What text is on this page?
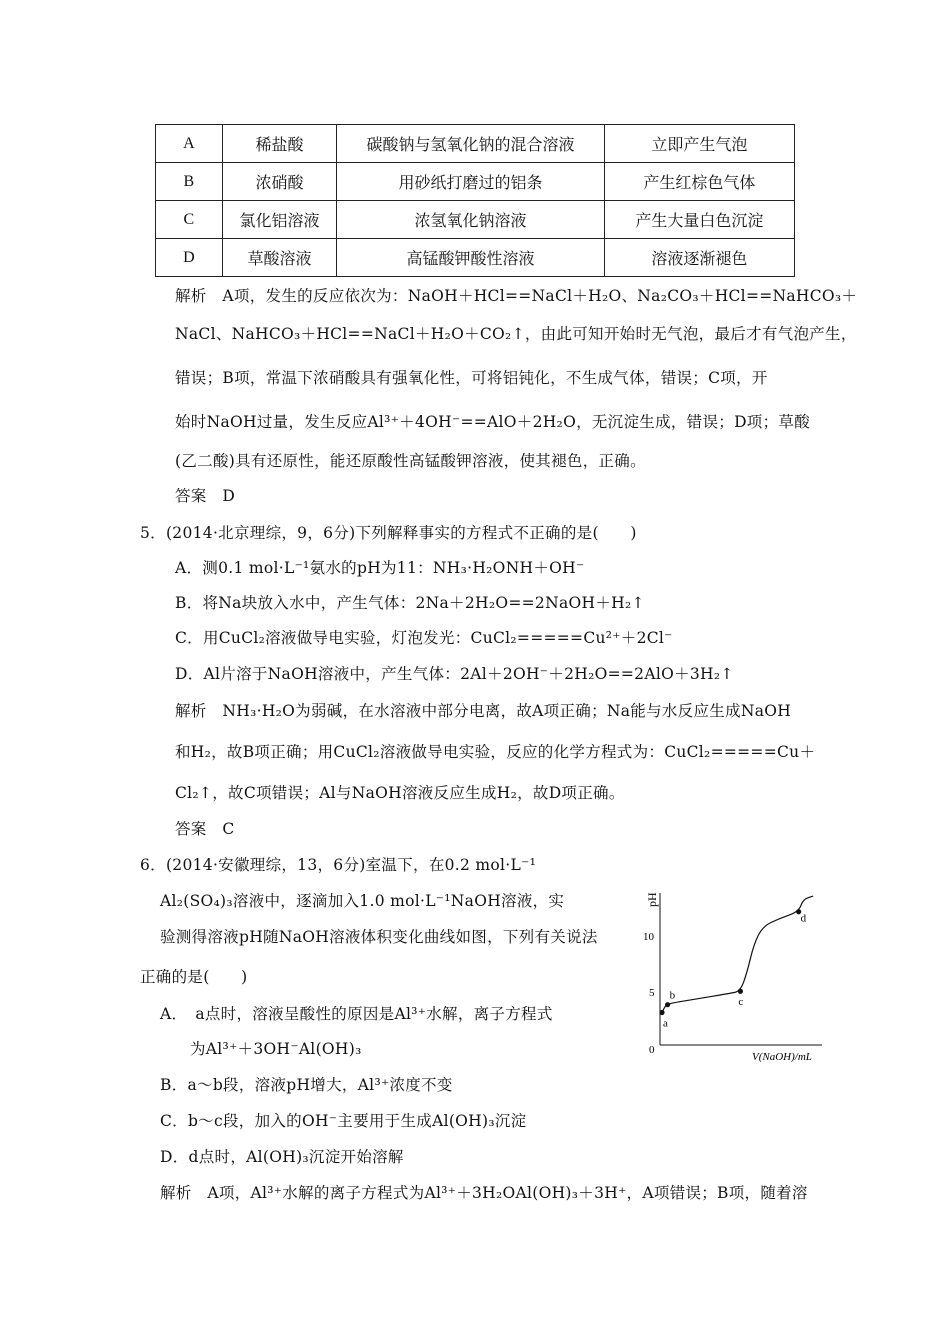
A	稀盐酸	碳酸钠与氢氧化钠的混合溶液	立即产生气泡
B	浓硝酸	用砂纸打磨过的铝条	产生红棕色气体
C	氯化铝溶液	浓氢氧化钠溶液	产生大量白色沉淀
D	草酸溶液	高锰酸钾酸性溶液	溶液逐渐褪色
解析　 A项，发生的反应依次为：NaOH＋HCl==NaCl＋H₂O、Na₂CO₃＋HCl==NaHCO₃＋
NaCl、NaHCO₃＋HCl==NaCl＋H₂O＋CO₂↑，由此可知开始时无气泡，最后才有气泡产生，
错误；B项，常温下浓硝酸具有强氧化性，可将铝钝化，不生成气体，错误；C项，开
始时NaOH过量，发生反应Al³⁺＋4OH⁻==AlO＋2H₂O，无沉淀生成，错误；D项；草酸
(乙二酸)具有还原性，能还原酸性高锰酸钾溶液，使其褪色，正确。
答案　 D
5．(2014·北京理综，9，6分)下列解释事实的方程式不正确的是(　　)
A．测0.1 mol·L⁻¹氨水的pH为11：NH₃·H₂ONH＋OH⁻
B．将Na块放入水中，产生气体：2Na＋2H₂O==2NaOH＋H₂↑
C．用CuCl₂溶液做导电实验，灯泡发光：CuCl₂=====Cu²⁺＋2Cl⁻
D．Al片溶于NaOH溶液中，产生气体：2Al＋2OH⁻＋2H₂O==2AlO＋3H₂↑
解析　 NH₃·H₂O为弱碱，在水溶液中部分电离，故A项正确；Na能与水反应生成NaOH
和H₂，故B项正确；用CuCl₂溶液做导电实验，反应的化学方程式为：CuCl₂=====Cu＋
Cl₂↑，故C项错误；Al与NaOH溶液反应生成H₂，故D项正确。
答案　 C
6．(2014·安徽理综，13，6分)室温下，在0.2 mol·L⁻¹
Al₂(SO₄)₃溶液中，逐滴加入1.0 mol·L⁻¹NaOH溶液，实
验测得溶液pH随NaOH溶液体积变化曲线如图，下列有关说法
正确的是(　　)
A．　a点时，溶液呈酸性的原因是Al³⁺水解，离子方程式
为Al³⁺＋3OH⁻Al(OH)₃
B．a～b段，溶液pH增大，Al³⁺浓度不变
C．b～c段，加入的OH⁻主要用于生成Al(OH)₃沉淀
D．d点时，Al(OH)₃沉淀开始溶解
解析　 A项，Al³⁺水解的离子方程式为Al³⁺＋3H₂OAl(OH)₃＋3H⁺，A项错误；B项，随着溶
pH
V(NaOH)/mL
0
5
10
a
b
c
d
